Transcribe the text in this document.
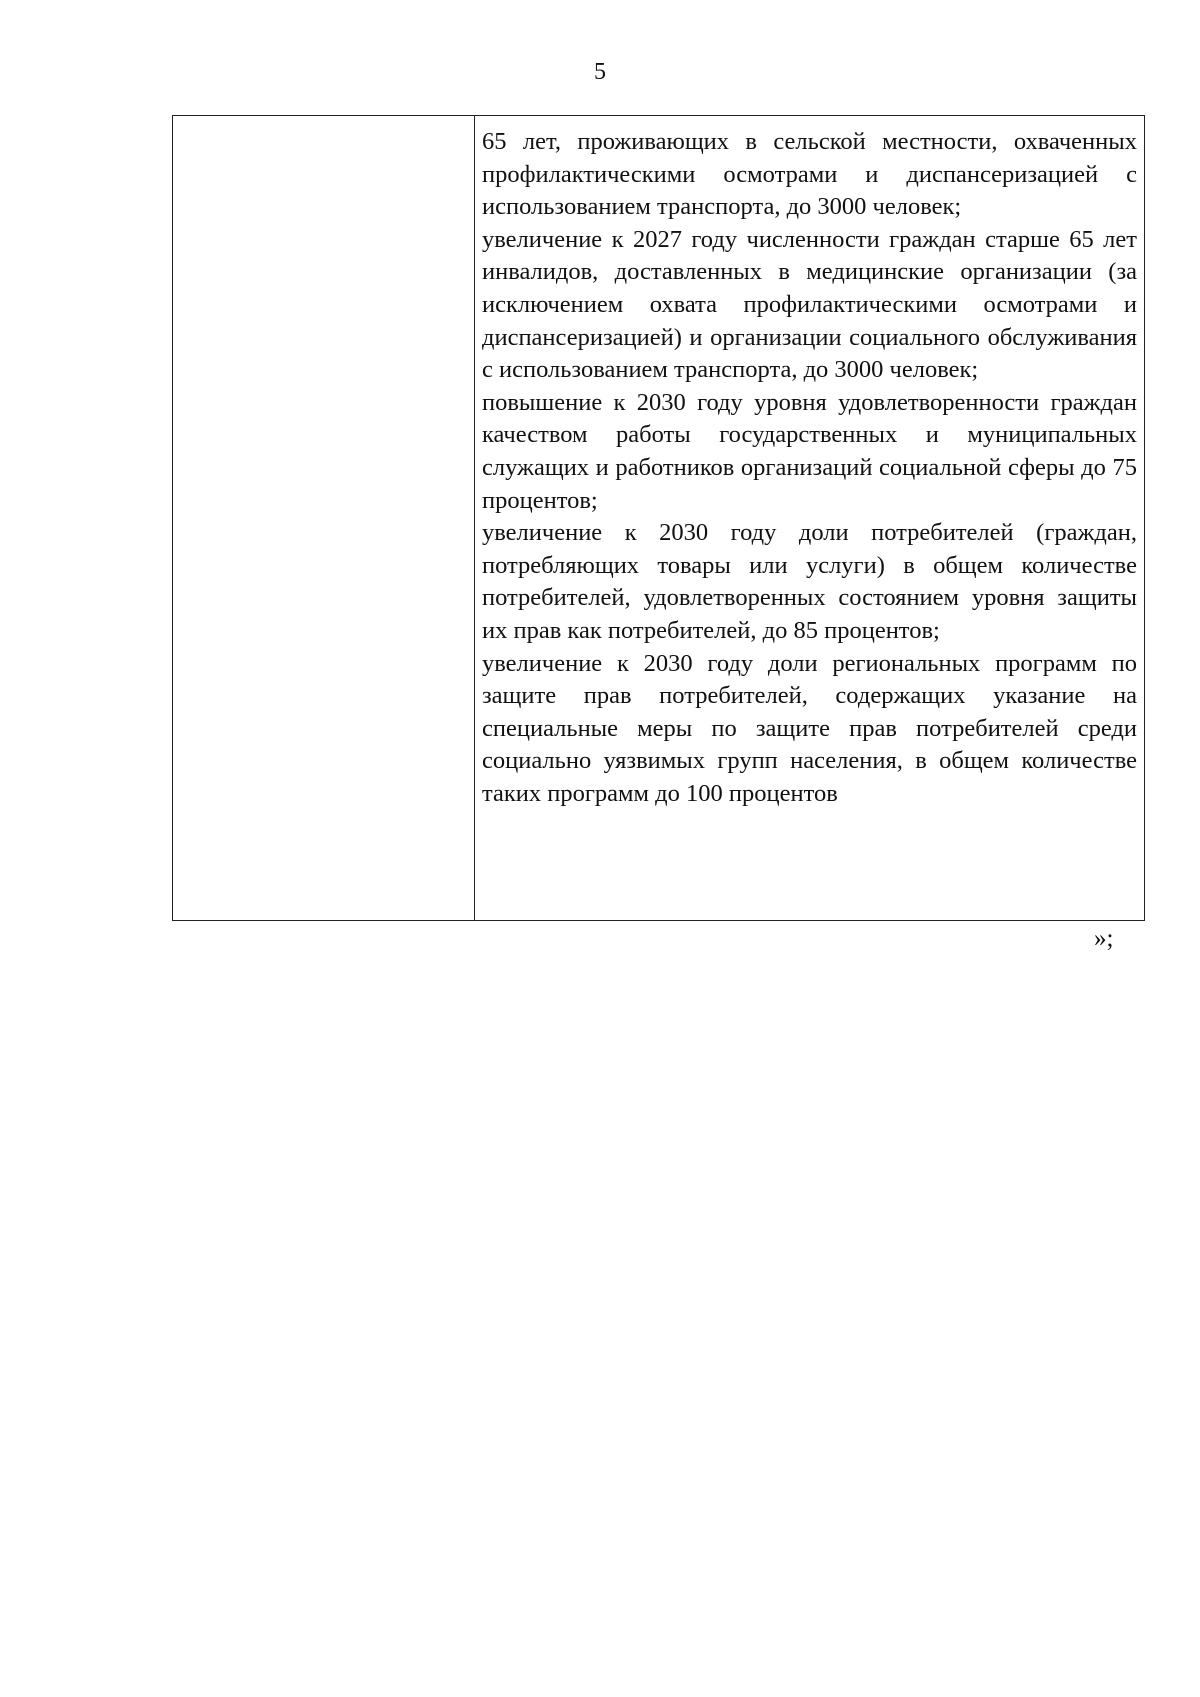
5

65 лет, проживающих в сельской местности, охваченных профилактическими осмотрами и диспансеризацией с использованием транспорта, до 3000 человек;

увеличение к 2027 году численности граждан старше 65 лет инвалидов, доставленных в медицинские организации (за исключением охвата профилактическими осмотрами и диспансеризацией) и организации социального обслуживания с использованием транспорта, до 3000 человек;

повышение к 2030 году уровня удовлетворенности граждан качеством работы государственных и муниципальных служащих и работников организаций социальной сферы до 75 процентов;

увеличение к 2030 году доли потребителей (граждан, потребляющих товары или услуги) в общем количестве потребителей, удовлетворенных состоянием уровня защиты их прав как потребителей, до 85 процентов;

увеличение к 2030 году доли региональных программ по защите прав потребителей, содержащих указание на специальные меры по защите прав потребителей среди социально уязвимых групп населения, в общем количестве таких программ до 100 процентов

»;
